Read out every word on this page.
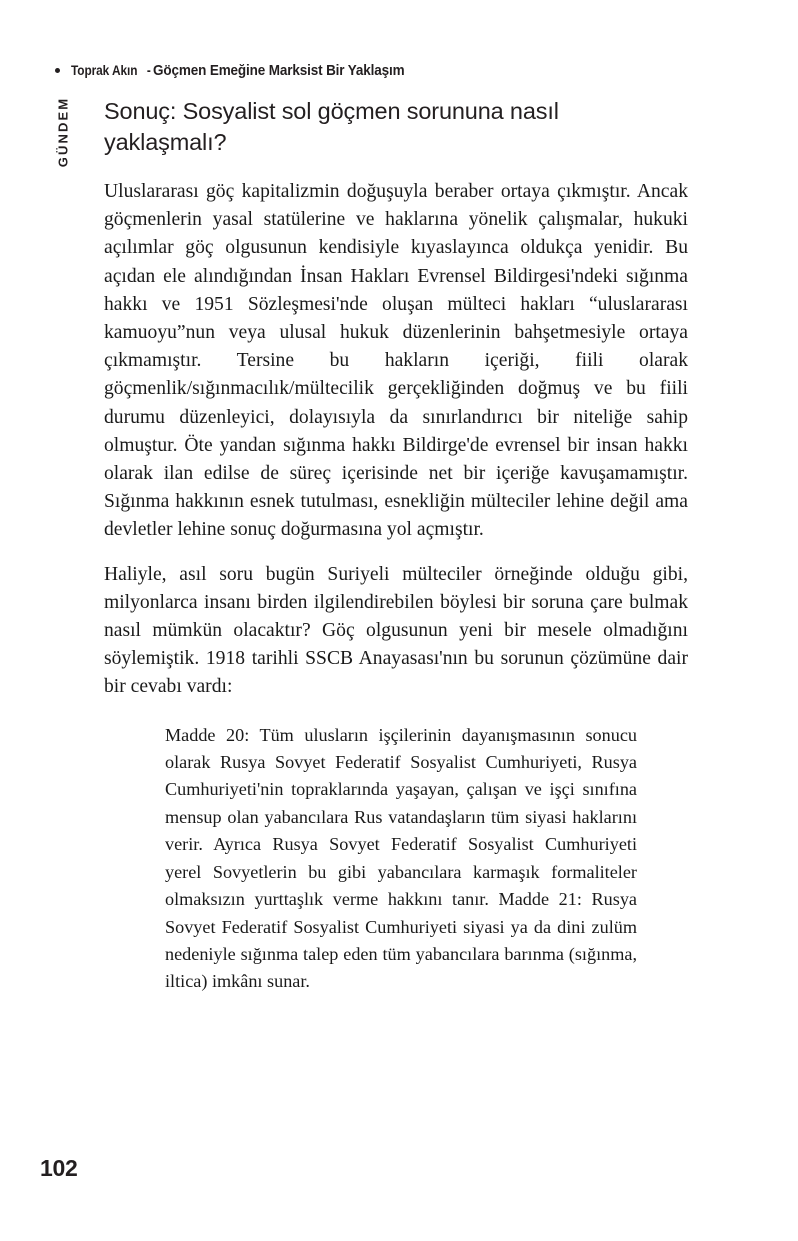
Toprak Akın - Göçmen Emeğine Marksist Bir Yaklaşım
GÜNDEM Sonuç: Sosyalist sol göçmen sorununa nasıl yaklaşmalı?

Uluslararası göç kapitalizmin doğuşuyla beraber ortaya çıkmıştır. Ancak göçmenlerin yasal statülerine ve haklarına yönelik çalışmalar, hukuki açılımlar göç olgusunun kendisiyle kıyaslayınca oldukça yenidir. Bu açıdan ele alındığından İnsan Hakları Evrensel Bildirgesi'ndeki sığınma hakkı ve 1951 Sözleşmesi'nde oluşan mülteci hakları “uluslararası kamuoyu”nun veya ulusal hukuk düzenlerinin bahşetmesiyle ortaya çıkmamıştır. Tersine bu hakların içeriği, fiili olarak göçmenlik/sığınmacılık/mültecilik gerçekliğinden doğmuş ve bu fiili durumu düzenleyici, dolayısıyla da sınırlandırıcı bir niteliğe sahip olmuştur. Öte yandan sığınma hakkı Bildirge'de evrensel bir insan hakkı olarak ilan edilse de süreç içerisinde net bir içeriğe kavuşamamıştır. Sığınma hakkının esnek tutulması, esnekliğin mülteciler lehine değil ama devletler lehine sonuç doğurmasına yol açmıştır.

Haliyle, asıl soru bugün Suriyeli mülteciler örneğinde olduğu gibi, milyonlarca insanı birden ilgilendirebilen böylesi bir soruna çare bulmak nasıl mümkün olacaktır? Göç olgusunun yeni bir mesele olmadığını söylemiştik. 1918 tarihli SSCB Anayasası'nın bu sorunun çözümüne dair bir cevabı vardı:

Madde 20: Tüm ulusların işçilerinin dayanışmasının sonucu olarak Rusya Sovyet Federatif Sosyalist Cumhuriyeti, Rusya Cumhuriyeti'nin topraklarında yaşayan, çalışan ve işçi sınıfına mensup olan yabancılara Rus vatandaşların tüm siyasi haklarını verir. Ayrıca Rusya Sovyet Federatif Sosyalist Cumhuriyeti yerel Sovyetlerin bu gibi yabancılara karmaşık formaliteler olmaksızın yurttaşlık verme hakkını tanır. Madde 21: Rusya Sovyet Federatif Sosyalist Cumhuriyeti siyasi ya da dini zulüm nedeniyle sığınma talep eden tüm yabancılara barınma (sığınma, iltica) imkânı sunar.

102
